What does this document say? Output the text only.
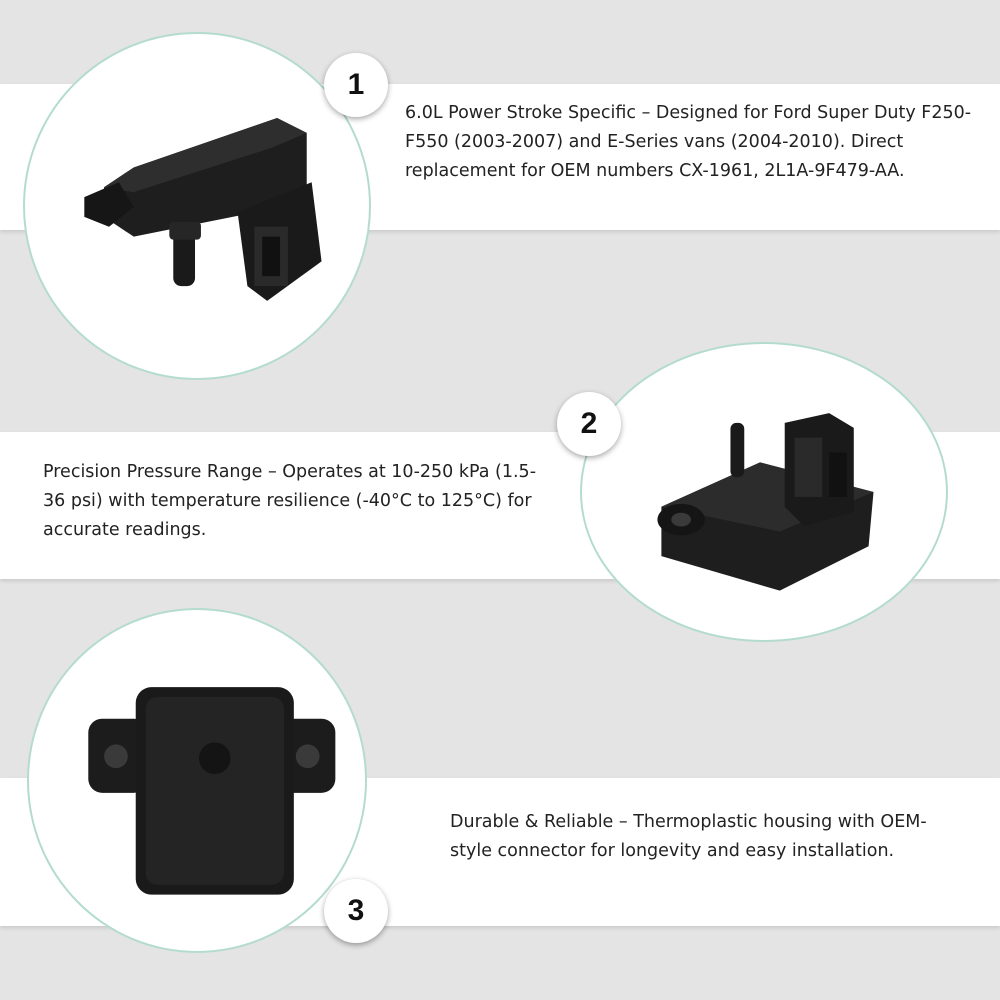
1
2
3

6.0L Power Stroke Specific – Designed for Ford Super Duty F250-F550 (2003-2007) and E-Series vans (2004-2010). Direct replacement for OEM numbers CX-1961, 2L1A-9F479-AA.

Precision Pressure Range – Operates at 10-250 kPa (1.5-36 psi) with temperature resilience (-40°C to 125°C) for accurate readings.

Durable & Reliable – Thermoplastic housing with OEM-style connector for longevity and easy installation.
